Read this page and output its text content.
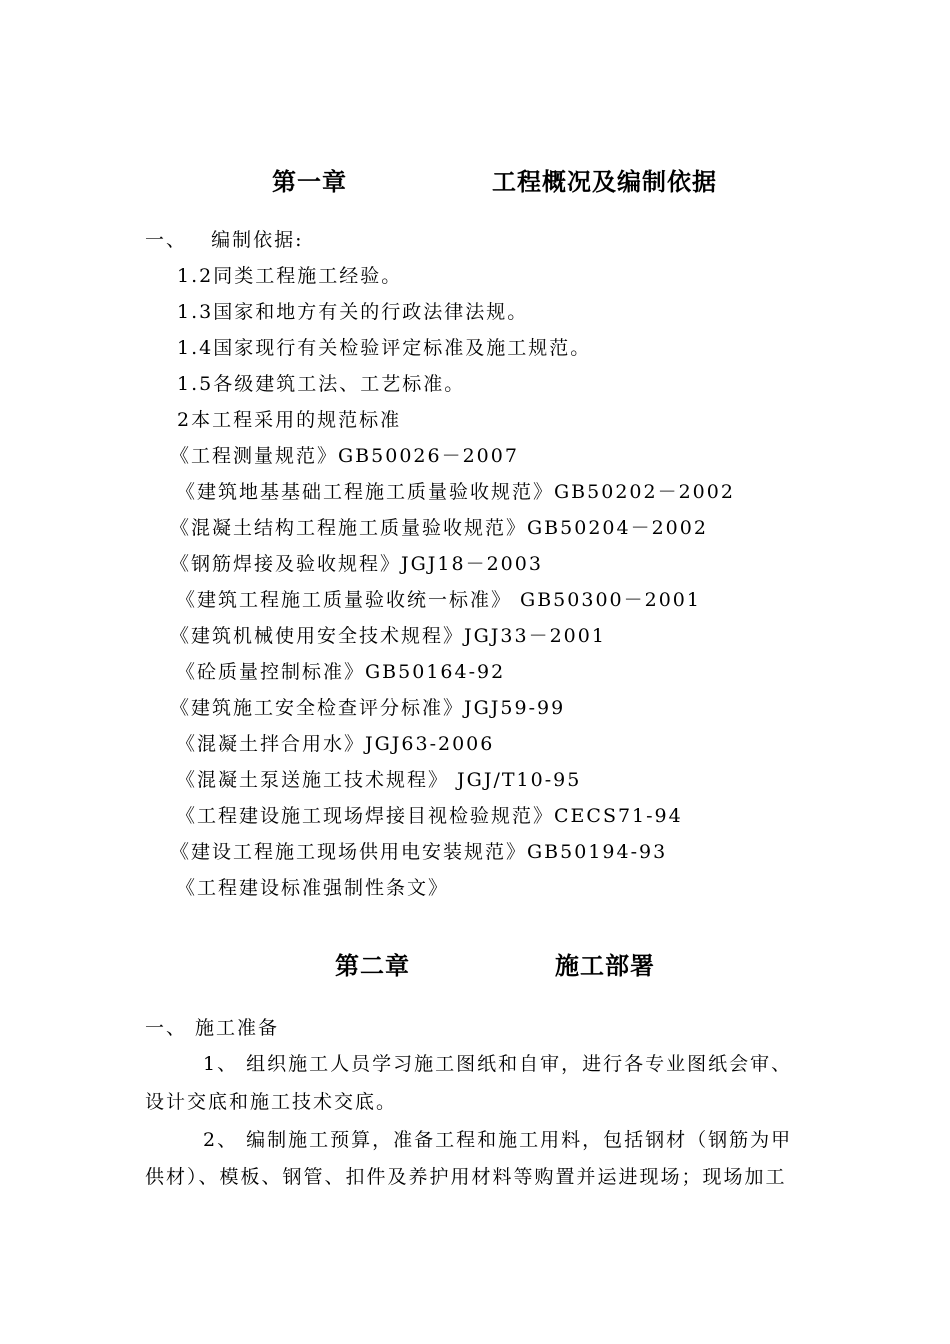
第一章	工程概况及编制依据
一、   编制依据:
1.2同类工程施工经验。
1.3国家和地方有关的行政法律法规。
1.4国家现行有关检验评定标准及施工规范。
1.5各级建筑工法、工艺标准。
2本工程采用的规范标准
《工程测量规范》GB50026－2007
《建筑地基基础工程施工质量验收规范》GB50202－2002
《混凝土结构工程施工质量验收规范》GB50204－2002
《钢筋焊接及验收规程》JGJ18－2003
《建筑工程施工质量验收统一标准》 GB50300－2001
《建筑机械使用安全技术规程》JGJ33－2001
《砼质量控制标准》GB50164-92
《建筑施工安全检查评分标准》JGJ59-99
《混凝土拌合用水》JGJ63-2006
《混凝土泵送施工技术规程》 JGJ/T10-95
《工程建设施工现场焊接目视检验规范》CECS71-94
《建设工程施工现场供用电安装规范》GB50194-93
《工程建设标准强制性条文》
第二章	施工部署
一、 施工准备
1、 组织施工人员学习施工图纸和自审，进行各专业图纸会审、
设计交底和施工技术交底。
2、 编制施工预算，准备工程和施工用料，包括钢材（钢筋为甲
供材）、模板、钢管、扣件及养护用材料等购置并运进现场；现场加工
